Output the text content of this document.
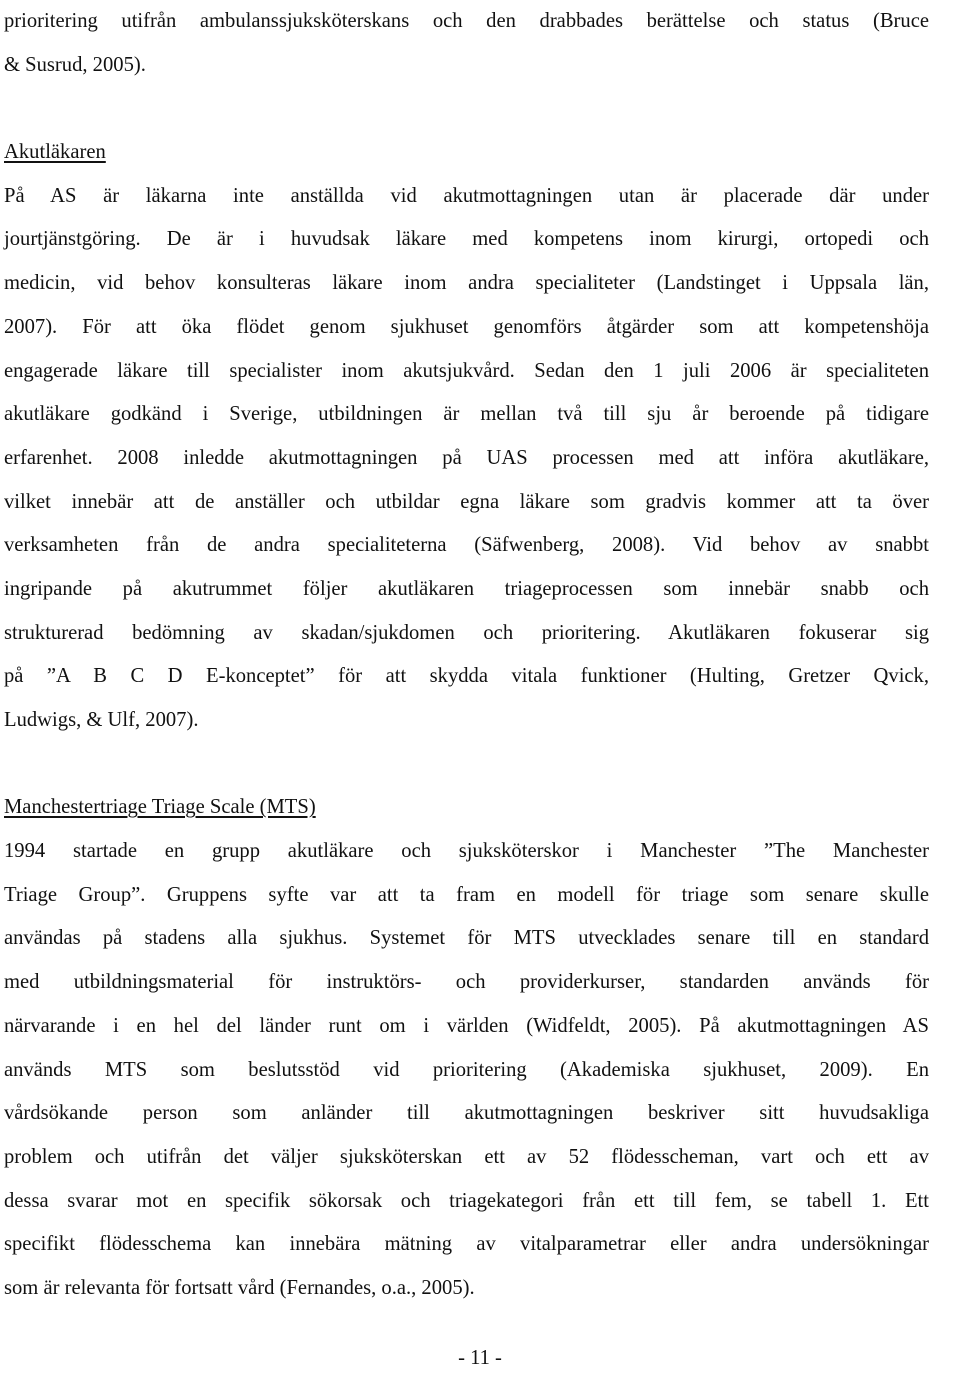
prioritering utifrån ambulanssjuksköterskans och den drabbades berättelse och status (Bruce
& Susrud, 2005).
Akutläkaren
På AS är läkarna inte anställda vid akutmottagningen utan är placerade där under
jourtjänstgöring. De är i huvudsak läkare med kompetens inom kirurgi, ortopedi och
medicin, vid behov konsulteras läkare inom andra specialiteter (Landstinget i Uppsala län,
2007). För att öka flödet genom sjukhuset genomförs åtgärder som att kompetenshöja
engagerade läkare till specialister inom akutsjukvård. Sedan den 1 juli 2006 är specialiteten
akutläkare godkänd i Sverige, utbildningen är mellan två till sju år beroende på tidigare
erfarenhet. 2008 inledde akutmottagningen på UAS processen med att införa akutläkare,
vilket innebär att de anställer och utbildar egna läkare som gradvis kommer att ta över
verksamheten från de andra specialiteterna (Säfwenberg, 2008). Vid behov av snabbt
ingripande på akutrummet följer akutläkaren triageprocessen som innebär snabb och
strukturerad bedömning av skadan/sjukdomen och prioritering. Akutläkaren fokuserar sig
på ”A B C D E-konceptet” för att skydda vitala funktioner (Hulting, Gretzer Qvick,
Ludwigs, & Ulf, 2007).
Manchestertriage Triage Scale (MTS)
1994 startade en grupp akutläkare och sjuksköterskor i Manchester ”The Manchester
Triage Group”. Gruppens syfte var att ta fram en modell för triage som senare skulle
användas på stadens alla sjukhus. Systemet för MTS utvecklades senare till en standard
med utbildningsmaterial för instruktörs- och providerkurser, standarden används för
närvarande i en hel del länder runt om i världen (Widfeldt, 2005). På akutmottagningen AS
används MTS som beslutsstöd vid prioritering (Akademiska sjukhuset, 2009). En
vårdsökande person som anländer till akutmottagningen beskriver sitt huvudsakliga
problem och utifrån det väljer sjuksköterskan ett av 52 flödesscheman, vart och ett av
dessa svarar mot en specifik sökorsak och triagekategori från ett till fem, se tabell 1. Ett
specifikt flödesschema kan innebära mätning av vitalparametrar eller andra undersökningar
som är relevanta för fortsatt vård (Fernandes, o.a., 2005).
- 11 -
